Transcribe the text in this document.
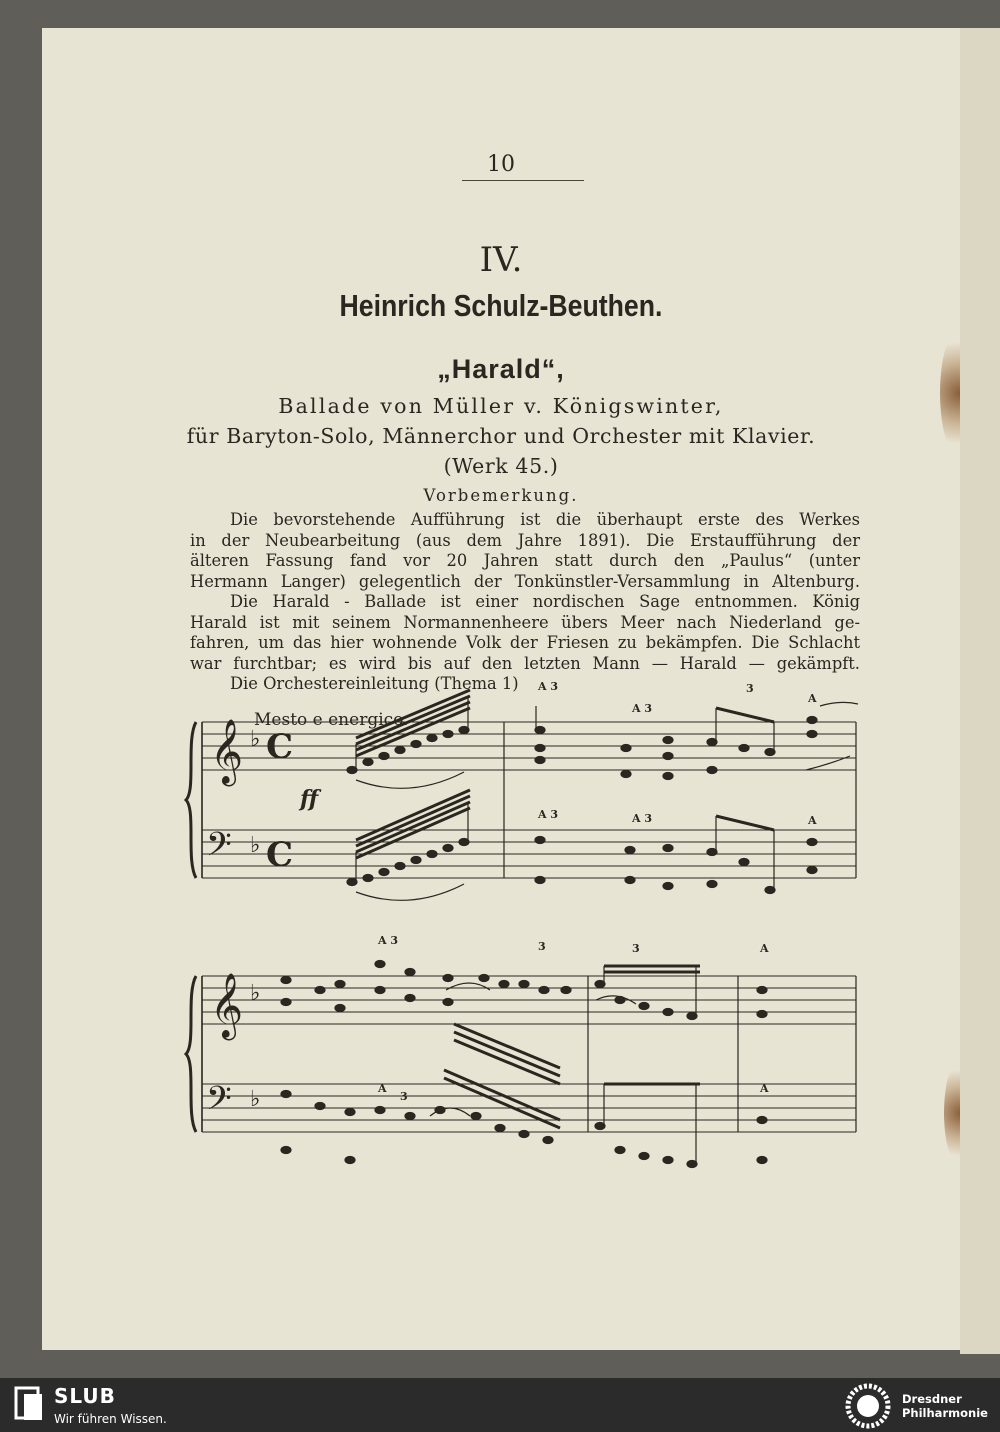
10
IV.
Heinrich Schulz-Beuthen.
„Harald“,
Ballade von Müller v. Königswinter,
für Baryton-Solo, Männerchor und Orchester mit Klavier.
(Werk 45.)
Vorbemerkung.
Die bevorstehende Aufführung ist die überhaupt erste des Werkes
in der Neubearbeitung (aus dem Jahre 1891). Die Erstaufführung der
älteren Fassung fand vor 20 Jahren statt durch den „Paulus“ (unter
Hermann Langer) gelegentlich der Tonkünstler-Versammlung in Altenburg.
Die Harald - Ballade ist einer nordischen Sage entnommen. König
Harald ist mit seinem Normannenheere übers Meer nach Niederland ge-
fahren, um das hier wohnende Volk der Friesen zu bekämpfen. Die Schlacht
war furchtbar; es wird bis auf den letzten Mann — Harald — gekämpft.
Die Orchestereinleitung (Thema 1)
Mesto e energico.
𝄞
𝄢
𝄞
𝄢
♭
♭
♭
♭
C
C
ff
A 3
A 3
3
A
A 3	A 3	A
A 3	3	3	A
A
3
A
SLUB
Wir führen Wissen.
Dresdner
Philharmonie
